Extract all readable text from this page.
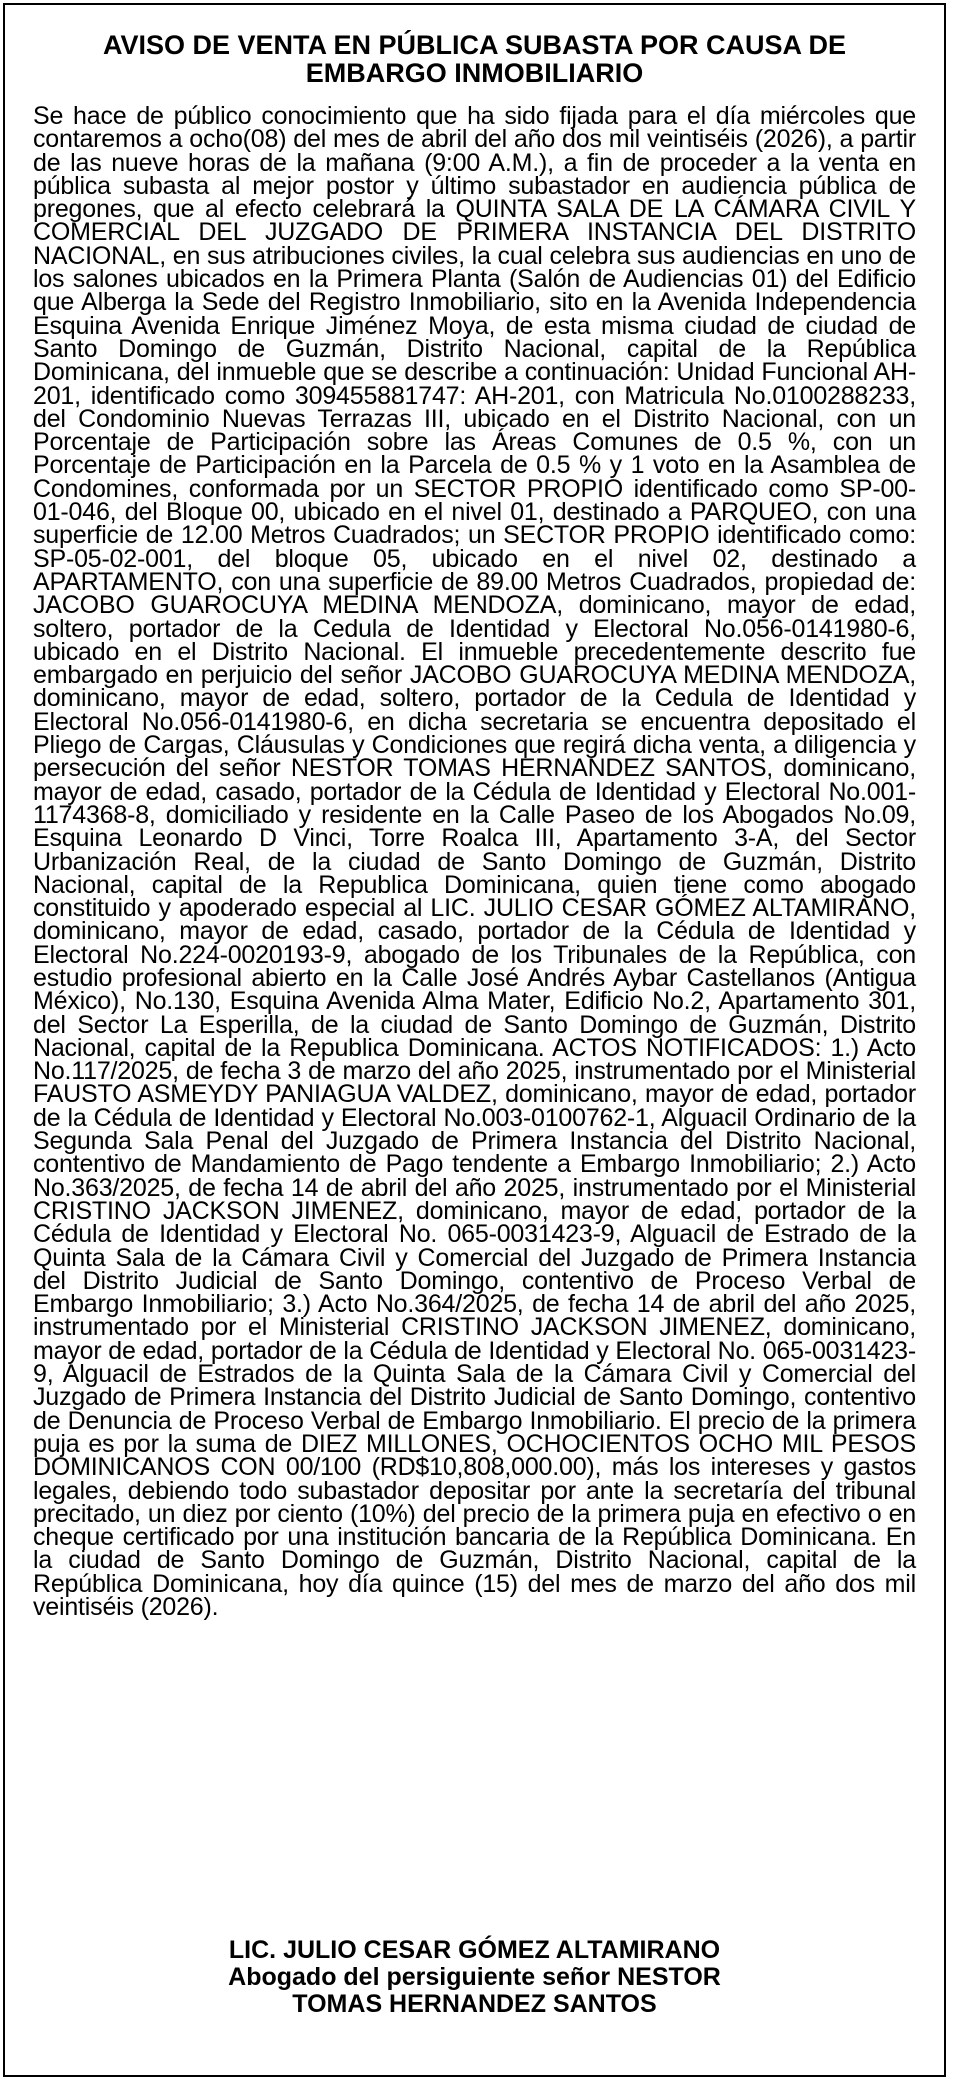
AVISO DE VENTA EN PÚBLICA SUBASTA POR CAUSA DE EMBARGO INMOBILIARIO

Se hace de público conocimiento que ha sido fijada para el día miércoles que contaremos a ocho(08) del mes de abril del año dos mil veintiséis (2026), a partir de las nueve horas de la mañana (9:00 A.M.), a fin de proceder a la venta en pública subasta al mejor postor y último subastador en audiencia pública de pregones, que al efecto celebrará la QUINTA SALA DE LA CÁMARA CIVIL Y COMERCIAL DEL JUZGADO DE PRIMERA INSTANCIA DEL DISTRITO NACIONAL, en sus atribuciones civiles, la cual celebra sus audiencias en uno de los salones ubicados en la Primera Planta (Salón de Audiencias 01) del Edificio que Alberga la Sede del Registro Inmobiliario, sito en la Avenida Independencia Esquina Avenida Enrique Jiménez Moya, de esta misma ciudad de ciudad de Santo Domingo de Guzmán, Distrito Nacional, capital de la República Dominicana, del inmueble que se describe a continuación: Unidad Funcional AH-201, identificado como 309455881747: AH-201, con Matricula No.0100288233, del Condominio Nuevas Terrazas III, ubicado en el Distrito Nacional, con un Porcentaje de Participación sobre las Áreas Comunes de 0.5 %, con un Porcentaje de Participación en la Parcela de 0.5 % y 1 voto en la Asamblea de Condomines, conformada por un SECTOR PROPIO identificado como SP-00-01-046, del Bloque 00, ubicado en el nivel 01, destinado a PARQUEO, con una superficie de 12.00 Metros Cuadrados; un SECTOR PROPIO identificado como: SP-05-02-001, del bloque 05, ubicado en el nivel 02, destinado a APARTAMENTO, con una superficie de 89.00 Metros Cuadrados, propiedad de: JACOBO GUAROCUYA MEDINA MENDOZA, dominicano, mayor de edad, soltero, portador de la Cedula de Identidad y Electoral No.056-0141980-6, ubicado en el Distrito Nacional. El inmueble precedentemente descrito fue embargado en perjuicio del señor JACOBO GUAROCUYA MEDINA MENDOZA, dominicano, mayor de edad, soltero, portador de la Cedula de Identidad y Electoral No.056-0141980-6, en dicha secretaria se encuentra depositado el Pliego de Cargas, Cláusulas y Condiciones que regirá dicha venta, a diligencia y persecución del señor NESTOR TOMAS HERNANDEZ SANTOS, dominicano, mayor de edad, casado, portador de la Cédula de Identidad y Electoral No.001-1174368-8, domiciliado y residente en la Calle Paseo de los Abogados No.09, Esquina Leonardo D Vinci, Torre Roalca III, Apartamento 3-A, del Sector Urbanización Real, de la ciudad de Santo Domingo de Guzmán, Distrito Nacional, capital de la Republica Dominicana, quien tiene como abogado constituido y apoderado especial al LIC. JULIO CESAR GÓMEZ ALTAMIRANO, dominicano, mayor de edad, casado, portador de la Cédula de Identidad y Electoral No.224-0020193-9, abogado de los Tribunales de la República, con estudio profesional abierto en la Calle José Andrés Aybar Castellanos (Antigua México), No.130, Esquina Avenida Alma Mater, Edificio No.2, Apartamento 301, del Sector La Esperilla, de la ciudad de Santo Domingo de Guzmán, Distrito Nacional, capital de la Republica Dominicana. ACTOS NOTIFICADOS: 1.) Acto No.117/2025, de fecha 3 de marzo del año 2025, instrumentado por el Ministerial FAUSTO ASMEYDY PANIAGUA VALDEZ, dominicano, mayor de edad, portador de la Cédula de Identidad y Electoral No.003-0100762-1, Alguacil Ordinario de la Segunda Sala Penal del Juzgado de Primera Instancia del Distrito Nacional, contentivo de Mandamiento de Pago tendente a Embargo Inmobiliario; 2.) Acto No.363/2025, de fecha 14 de abril del año 2025, instrumentado por el Ministerial CRISTINO JACKSON JIMENEZ, dominicano, mayor de edad, portador de la Cédula de Identidad y Electoral No. 065-0031423-9, Alguacil de Estrado de la Quinta Sala de la Cámara Civil y Comercial del Juzgado de Primera Instancia del Distrito Judicial de Santo Domingo, contentivo de Proceso Verbal de Embargo Inmobiliario; 3.) Acto No.364/2025, de fecha 14 de abril del año 2025, instrumentado por el Ministerial CRISTINO JACKSON JIMENEZ, dominicano, mayor de edad, portador de la Cédula de Identidad y Electoral No. 065-0031423-9, Alguacil de Estrados de la Quinta Sala de la Cámara Civil y Comercial del Juzgado de Primera Instancia del Distrito Judicial de Santo Domingo, contentivo de Denuncia de Proceso Verbal de Embargo Inmobiliario. El precio de la primera puja es por la suma de DIEZ MILLONES, OCHOCIENTOS OCHO MIL PESOS DOMINICANOS CON 00/100 (RD$10,808,000.00), más los intereses y gastos legales, debiendo todo subastador depositar por ante la secretaría del tribunal precitado, un diez por ciento (10%) del precio de la primera puja en efectivo o en cheque certificado por una institución bancaria de la República Dominicana. En la ciudad de Santo Domingo de Guzmán, Distrito Nacional, capital de la República Dominicana, hoy día quince (15) del mes de marzo del año dos mil veintiséis (2026).

LIC. JULIO CESAR GÓMEZ ALTAMIRANO
Abogado del persiguiente señor NESTOR
TOMAS HERNANDEZ SANTOS
